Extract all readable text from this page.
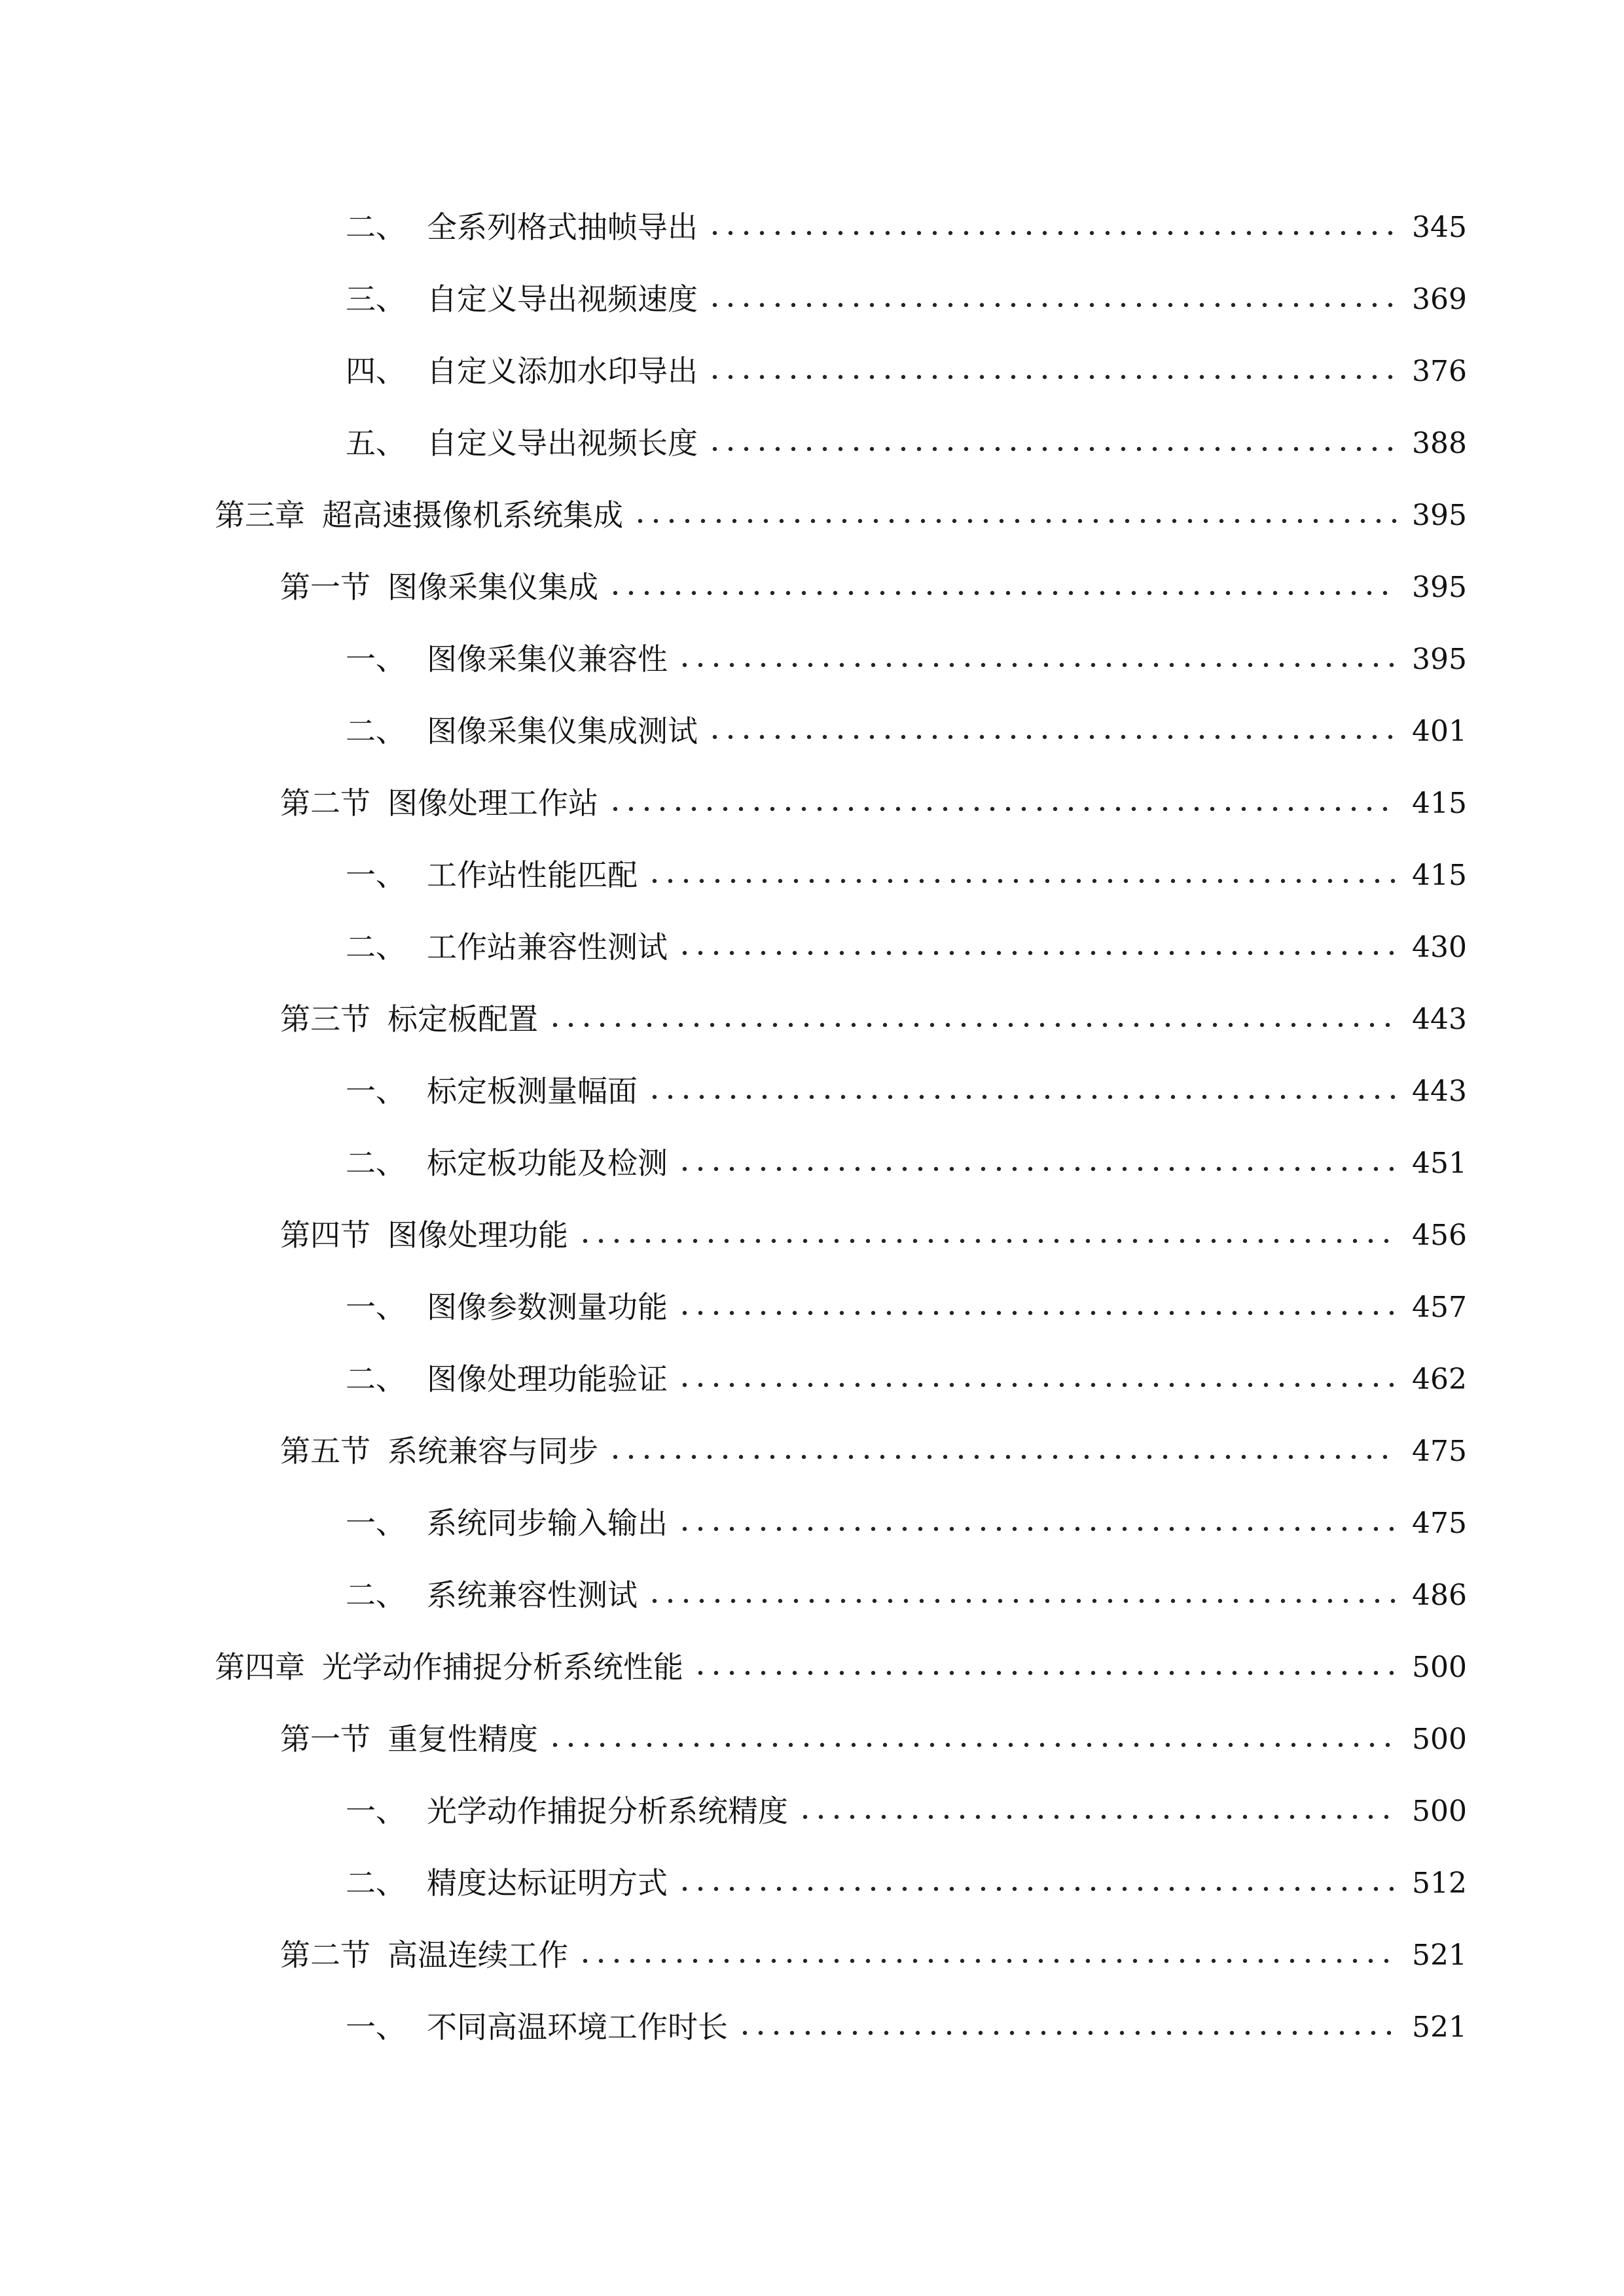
二、 全系列格式抽帧导出	345
三、 自定义导出视频速度	369
四、 自定义添加水印导出	376
五、 自定义导出视频长度	388
第三章 超高速摄像机系统集成	395
第一节 图像采集仪集成	395
一、 图像采集仪兼容性	395
二、 图像采集仪集成测试	401
第二节 图像处理工作站	415
一、 工作站性能匹配	415
二、 工作站兼容性测试	430
第三节 标定板配置	443
一、 标定板测量幅面	443
二、 标定板功能及检测	451
第四节 图像处理功能	456
一、 图像参数测量功能	457
二、 图像处理功能验证	462
第五节 系统兼容与同步	475
一、 系统同步输入输出	475
二、 系统兼容性测试	486
第四章 光学动作捕捉分析系统性能	500
第一节 重复性精度	500
一、 光学动作捕捉分析系统精度	500
二、 精度达标证明方式	512
第二节 高温连续工作	521
一、 不同高温环境工作时长	521
